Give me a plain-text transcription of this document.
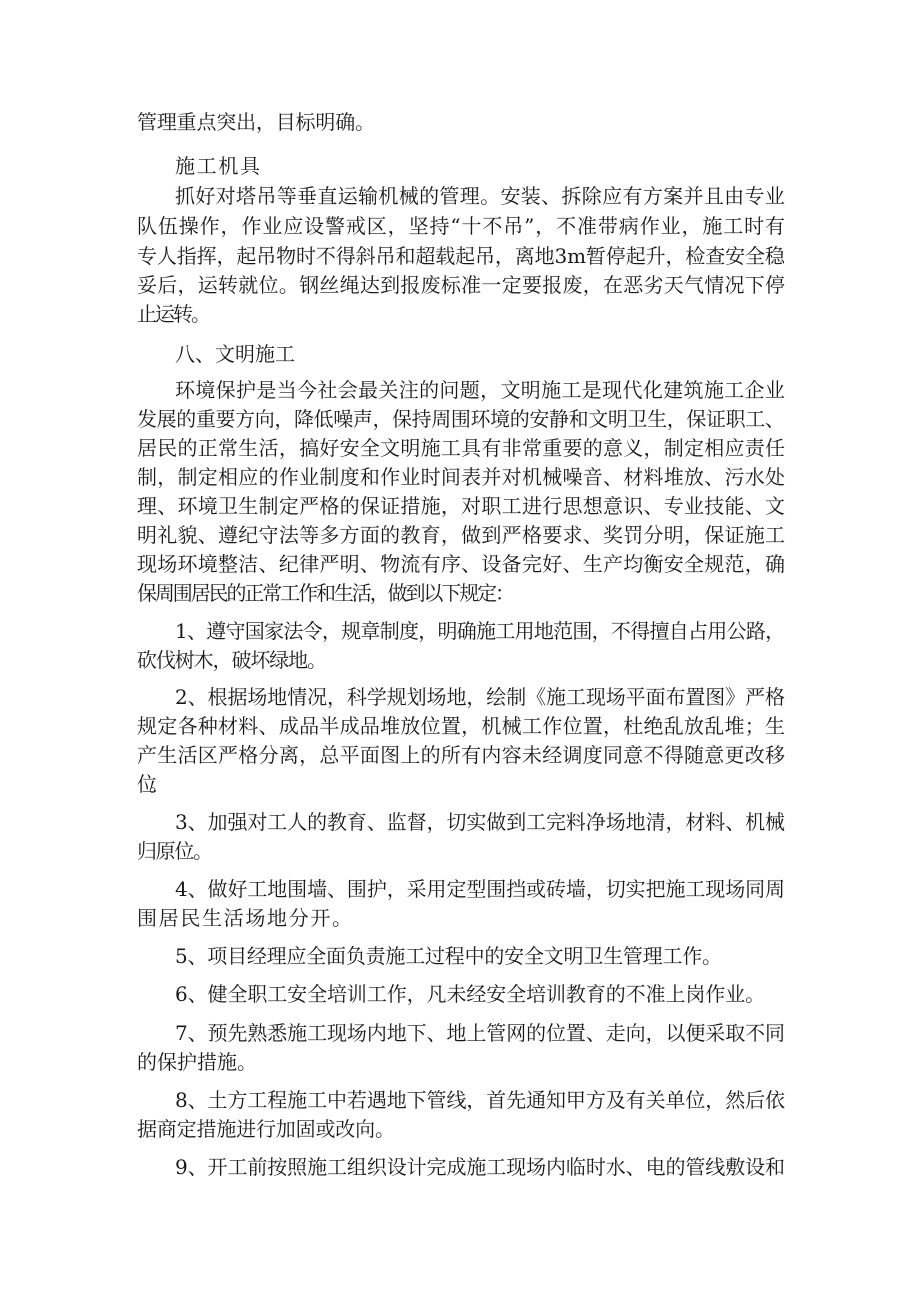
管理重点突出，目标明确。
施工机具
抓好对塔吊等垂直运输机械的管理。安装、拆除应有方案并且由专业
队伍操作，作业应设警戒区，坚持“十不吊”，不准带病作业，施工时有
专人指挥，起吊物时不得斜吊和超载起吊，离地3m暂停起升，检查安全稳
妥后，运转就位。钢丝绳达到报废标准一定要报废，在恶劣天气情况下停
止运转。
八、文明施工
环境保护是当今社会最关注的问题，文明施工是现代化建筑施工企业
发展的重要方向，降低噪声，保持周围环境的安静和文明卫生，保证职工、
居民的正常生活，搞好安全文明施工具有非常重要的意义，制定相应责任
制，制定相应的作业制度和作业时间表并对机械噪音、材料堆放、污水处
理、环境卫生制定严格的保证措施，对职工进行思想意识、专业技能、文
明礼貌、遵纪守法等多方面的教育，做到严格要求、奖罚分明，保证施工
现场环境整洁、纪律严明、物流有序、设备完好、生产均衡安全规范，确
保周围居民的正常工作和生活，做到以下规定：
1、遵守国家法令，规章制度，明确施工用地范围，不得擅自占用公路，
砍伐树木，破坏绿地。
2、根据场地情况，科学规划场地，绘制《施工现场平面布置图》严格
规定各种材料、成品半成品堆放位置，机械工作位置，杜绝乱放乱堆；生
产生活区严格分离，总平面图上的所有内容未经调度同意不得随意更改移
位。
3、加强对工人的教育、监督，切实做到工完料净场地清，材料、机械
归原位。
4、做好工地围墙、围护，采用定型围挡或砖墙，切实把施工现场同周
围居民生活场地分开。
5、项目经理应全面负责施工过程中的安全文明卫生管理工作。
6、健全职工安全培训工作，凡未经安全培训教育的不准上岗作业。
7、预先熟悉施工现场内地下、地上管网的位置、走向，以便采取不同
的保护措施。
8、土方工程施工中若遇地下管线，首先通知甲方及有关单位，然后依
据商定措施进行加固或改向。
9、开工前按照施工组织设计完成施工现场内临时水、电的管线敷设和
